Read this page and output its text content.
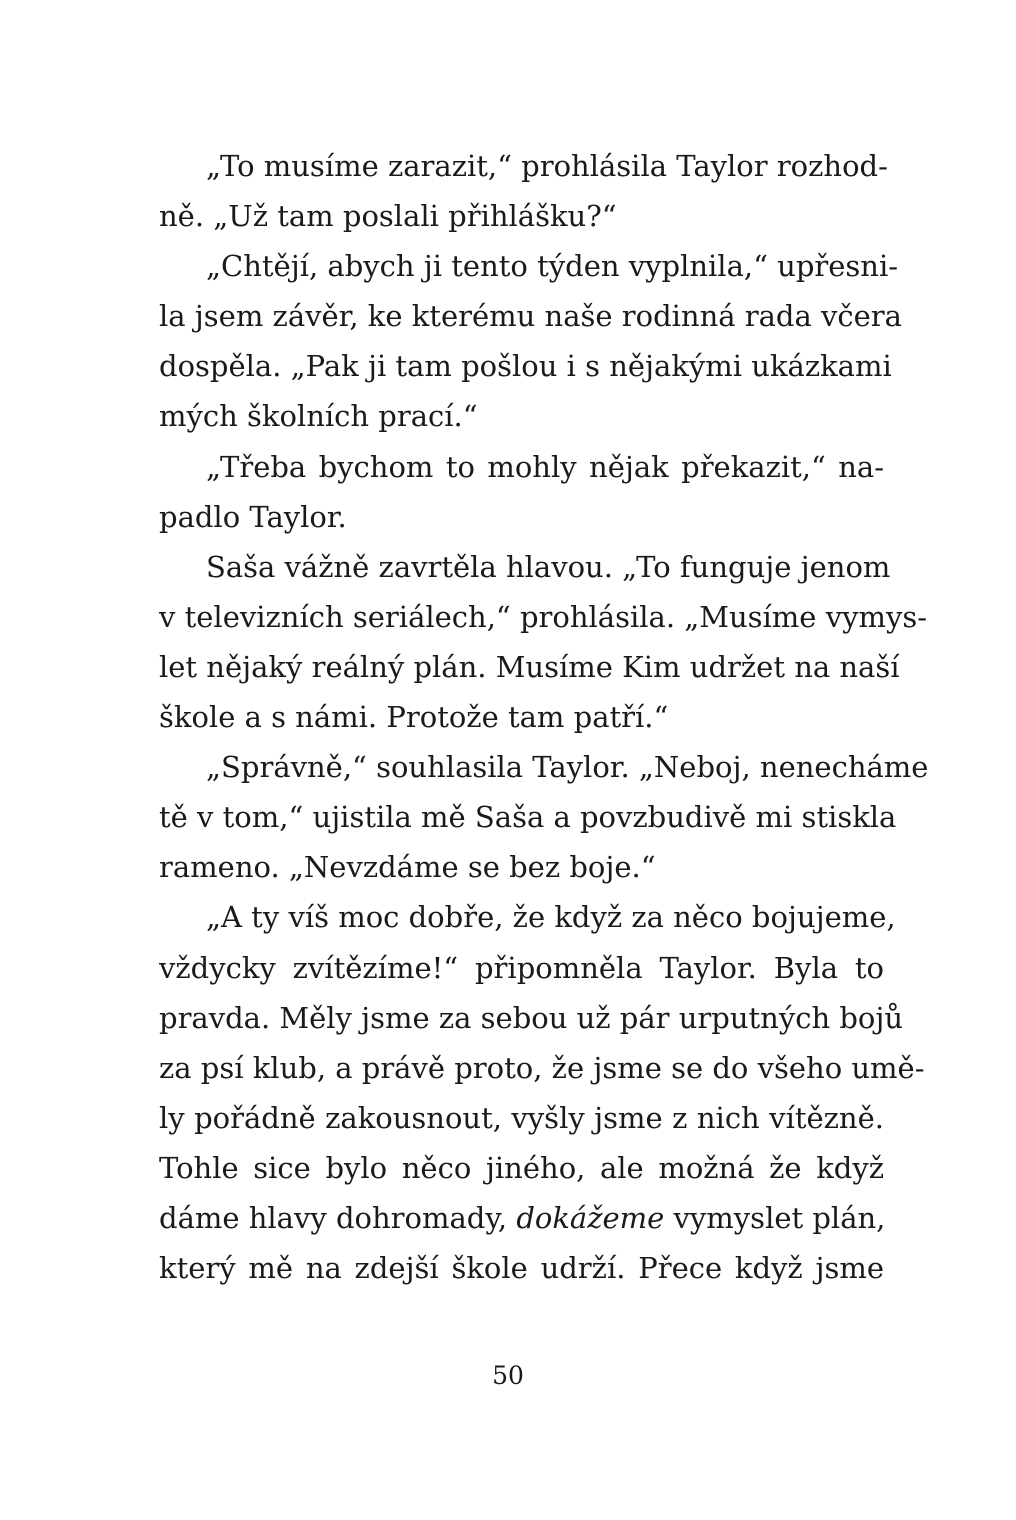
„To musíme zarazit,“ prohlásila Taylor rozhod-
ně. „Už tam poslali přihlášku?“
„Chtějí, abych ji tento týden vyplnila,“ upřesni-
la jsem závěr, ke kterému naše rodinná rada včera
dospěla. „Pak ji tam pošlou i s nějakými ukázkami
mých školních prací.“
„Třeba bychom to mohly nějak překazit,“ na-
padlo Taylor.
Saša vážně zavrtěla hlavou. „To funguje jenom
v televizních seriálech,“ prohlásila. „Musíme vymys-
let nějaký reálný plán. Musíme Kim udržet na naší
škole a s námi. Protože tam patří.“
„Správně,“ souhlasila Taylor. „Neboj, nenecháme
tě v tom,“ ujistila mě Saša a povzbudivě mi stiskla
rameno. „Nevzdáme se bez boje.“
„A ty víš moc dobře, že když za něco bojujeme,
vždycky zvítězíme!“ připomněla Taylor. Byla to
pravda. Měly jsme za sebou už pár urputných bojů
za psí klub, a právě proto, že jsme se do všeho umě-
ly pořádně zakousnout, vyšly jsme z nich vítězně.
Tohle sice bylo něco jiného, ale možná že když
dáme hlavy dohromady, dokážeme vymyslet plán,
který mě na zdejší škole udrží. Přece když jsme
50
